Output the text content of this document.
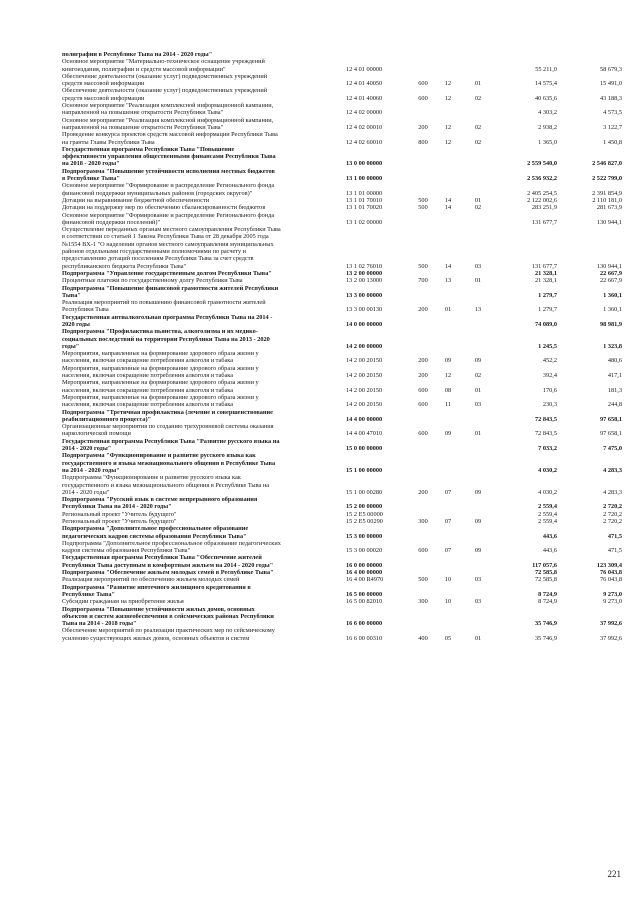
полиграфии в Республике Тыва на 2014 - 2020 годы"
Основное мероприятие "Материально-техническое оснащение учреждений
книгоиздания, полиграфии и средств массовой информации"	12 4 01 00000	55 211,0	58 679,3
Обеспечение деятельности (оказание услуг) подведомственных учреждений
средств массовой информации	12 4 01 40050	600	12	01	14 575,4	15 491,0
Обеспечение деятельности (оказание услуг) подведомственных учреждений
средств массовой информации	12 4 01 40060	600	12	02	40 635,6	43 188,3
Основное мероприятие "Реализация комплексной информационной кампании,
направленной на повышение открытости Республики Тыва"	12 4 02 00000	4 303,2	4 573,5
Основное мероприятие "Реализация комплексной информационной кампании,
направленной на повышение открытости Республики Тыва"	12 4 02 00010	200	12	02	2 938,2	3 122,7
Проведение конкурса проектов средств массовой информации Республики Тыва
на гранты Главы Республики Тыва	12 4 02 60010	800	12	02	1 365,0	1 450,8
Государственная программа Республики Тыва "Повышение
эффективности управления общественными финансами Республики Тыва
на 2018 - 2020 годы"	13 0 00 00000	2 559 540,0	2 546 827,0
Подпрограмма "Повышение устойчивости исполнения местных бюджетов
в Республике Тыва"	13 1 00 00000	2 536 932,2	2 522 799,0
Основное мероприятие "Формирование и распределение Регионального фонда
финансовой поддержки муниципальных районов (городских округов)"	13 1 01 00000	2 405 254,5	2 391 854,9
Дотации на выравнивание бюджетной обеспеченности	13 1 01 70010	500	14	01	2 122 002,6	2 110 181,0
Дотации на поддержку мер по обеспечению сбалансированности бюджетов	13 1 01 70020	500	14	02	283 251,9	281 673,9
Основное мероприятие "Формирование и распределение Регионального фонда
финансовой поддержки поселений)"	13 1 02 00000	131 677,7	130 944,1
Осуществление переданных органам местного самоуправления Республики Тыва
в соответствии со статьей 1 Закона Республики Тыва от 28 декабря 2005 года
№1554 ВХ-1 "О наделении органов местного самоуправления муниципальных
районов отдельными государственными полномочиями по расчету и
предоставлению дотаций поселениям Республики Тыва за счет средств
республиканского бюджета Республики Тыва"	13 1 02 76010	500	14	03	131 677,7	130 944,1
Подпрограмма "Управление государственным долгом Республики Тыва"	13 2 00 00000	21 328,1	22 667,9
Процентные платежи по государственному долгу Республики Тыва	13 2 00 13000	700	13	01	21 328,1	22 667,9
Подпрограмма "Повышение финансовой грамотности жителей Республики
Тыва"	13 3 00 00000	1 279,7	1 360,1
Реализация мероприятий по повышению финансовой грамотности жителей
Республики Тыва	13 3 00 00130	200	01	13	1 279,7	1 360,1
Государственная антиалкогольная программа Республики Тыва на 2014 -
2020 годы	14 0 00 00000	74 089,0	98 981,9
Подпрограмма "Профилактика пьянства, алкоголизма и их медико-
социальных последствий на территории Республики Тыва на 2013 - 2020
годы"	14 2 00 00000	1 245,5	1 323,8
Мероприятия, направленные на формирование здорового образа жизни у
населения, включая сокращение потребления алкоголя и табака	14 2 00 20150	200	09	09	452,2	480,6
Мероприятия, направленные на формирование здорового образа жизни у
населения, включая сокращение потребления алкоголя и табака	14 2 00 20150	200	12	02	392,4	417,1
Мероприятия, направленные на формирование здорового образа жизни у
населения, включая сокращение потребления алкоголя и табака	14 2 00 20150	600	08	01	170,6	181,3
Мероприятия, направленные на формирование здорового образа жизни у
населения, включая сокращение потребления алкоголя и табака	14 2 00 20150	600	11	03	230,3	244,8
Подпрограмма "Третичная профилактика (лечение и совершенствование
реабилитационного процесса)"	14 4 00 00000	72 843,5	97 658,1
Организационные мероприятия по созданию трехуровневой системы оказания
наркологической помощи	14 4 00 47010	600	09	01	72 843,5	97 658,1
Государственная программа Республики Тыва "Развитие русского языка на
2014 - 2020 годы"	15 0 00 00000	7 033,2	7 475,0
Подпрограмма "Функционирование и развитие русского языка как
государственного и языка межнационального общения в Республике Тыва
на 2014 - 2020 годы"	15 1 00 00000	4 030,2	4 283,3
Подпрограмма "Функционирование и развитие русского языка как
государственного и языка межнационального общения в Республике Тыва на
2014 - 2020 годы"	15 1 00 00280	200	07	09	4 030,2	4 283,3
Подпрограмма "Русский язык в системе непрерывного образования
Республики Тыва на 2014 - 2020 годы"	15 2 00 00000	2 559,4	2 720,2
Региональный проект "Учитель будущего"	15 2 E5 00000	2 559,4	2 720,2
Региональный проект "Учитель будущего"	15 2 E5 00290	300	07	09	2 559,4	2 720,2
Подпрограмма "Дополнительное профессиональное образование
педагогических кадров системы образования Республики Тыва"	15 3 00 00000	443,6	471,5
Подпрограмма "Дополнительное профессиональное образование педагогических
кадров системы образования Республики Тыва"	15 3 00 00020	600	07	09	443,6	471,5
Государственная программа Республики Тыва "Обеспечение жителей
Республики Тыва доступным и комфортным жильем на 2014 - 2020 годы"	16 0 00 00000	117 057,6	123 309,4
Подпрограмма "Обеспечение жильем молодых семей в Республике Тыва"	16 4 00 00000	72 585,8	76 043,8
Реализация мероприятий по обеспечению жильем молодых семей	16 4 00 R4970	500	10	03	72 585,8	76 043,8
Подпрограмма "Развитие ипотечного жилищного кредитования в
Республике Тыва"	16 5 00 00000	8 724,9	9 273,0
Субсидии гражданам на приобретение жилья	16 5 00 82010	300	10	03	8 724,9	9 273,0
Подпрограмма "Повышение устойчивости жилых домов, основных
объектов и систем жизнеобеспечения в сейсмических районах Республики
Тыва на 2014 - 2018 годы"	16 6 00 00000	35 746,9	37 992,6
Обеспечение мероприятий по реализации практических мер по сейсмическому
усилению существующих жилых домов, основных объектов и систем	16 6 00 00310	400	05	01	35 746,9	37 992,6
221
